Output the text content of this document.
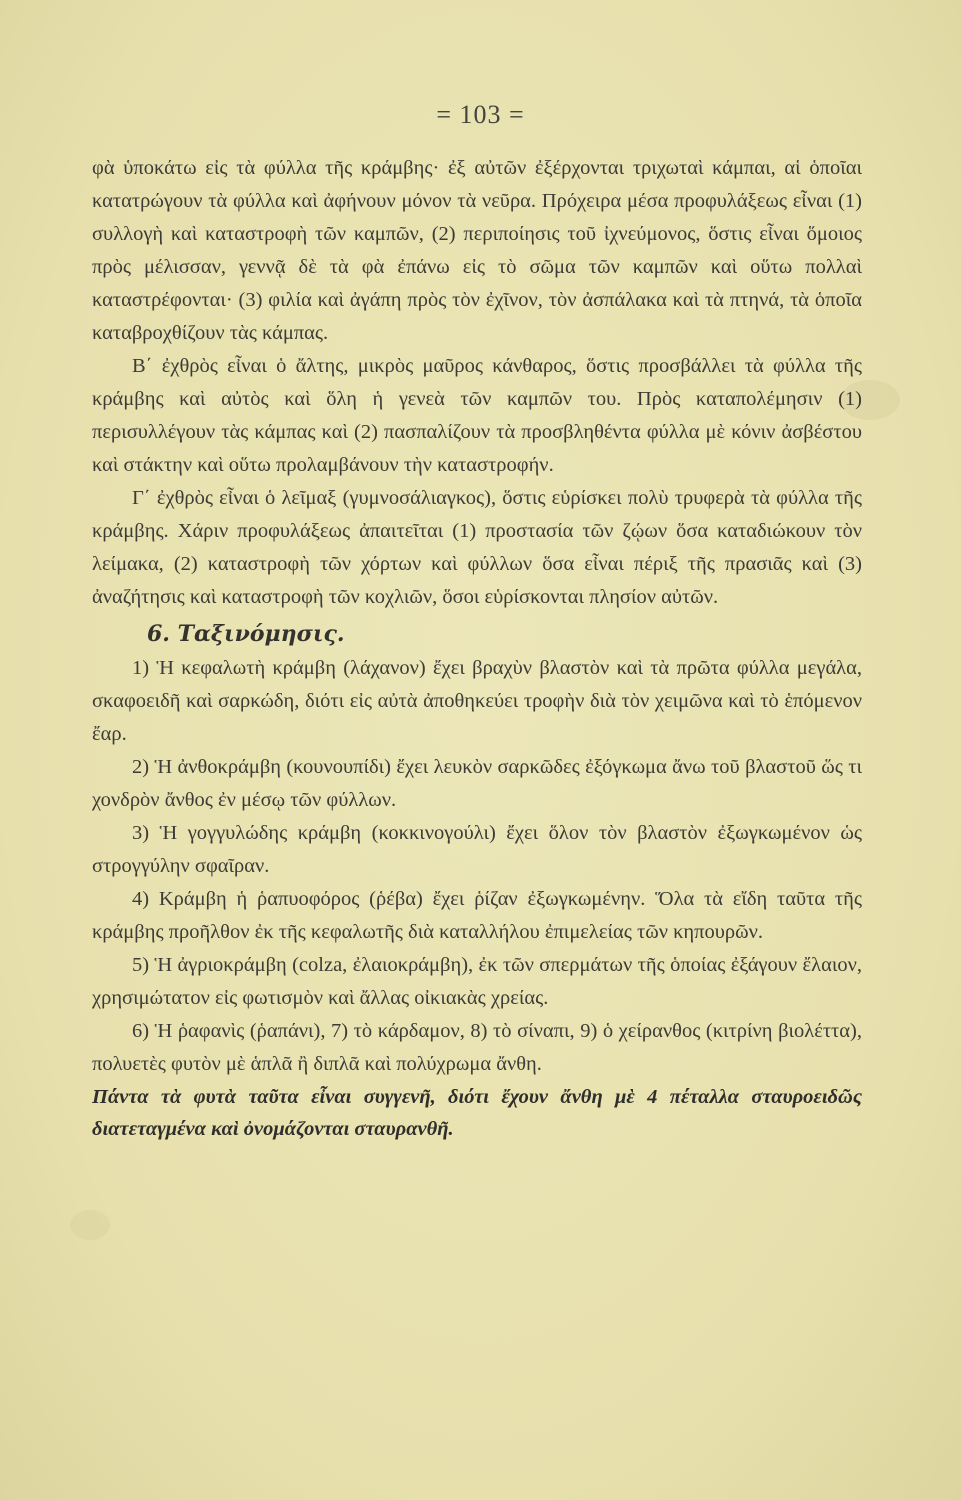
= 103 =

φὰ ὑποκάτω εἰς τὰ φύλλα τῆς κράμβης· ἐξ αὐτῶν ἐξέρχονται τριχωταὶ κάμπαι, αἱ ὁποῖαι κατατρώγουν τὰ φύλλα καὶ ἀφήνουν μόνον τὰ νεῦρα. Πρόχειρα μέσα προφυλάξεως εἶναι (1) συλλογὴ καὶ καταστροφὴ τῶν καμπῶν, (2) περιποίησις τοῦ ἰχνεύμονος, ὅστις εἶναι ὅμοιος πρὸς μέλισσαν, γεννᾷ δὲ τὰ φὰ ἐπάνω εἰς τὸ σῶμα τῶν καμπῶν καὶ οὕτω πολλαὶ καταστρέφονται· (3) φιλία καὶ ἀγάπη πρὸς τὸν ἐχῖνον, τὸν ἀσπάλακα καὶ τὰ πτηνά, τὰ ὁποῖα καταβροχθίζουν τὰς κάμπας.

Β΄ ἐχθρὸς εἶναι ὁ ἄλτης, μικρὸς μαῦρος κάνθαρος, ὅστις προσβάλλει τὰ φύλλα τῆς κράμβης καὶ αὐτὸς καὶ ὅλη ἡ γενεὰ τῶν καμπῶν του. Πρὸς καταπολέμησιν (1) περισυλλέγουν τὰς κάμπας καὶ (2) πασπαλίζουν τὰ προσβληθέντα φύλλα μὲ κόνιν ἀσβέστου καὶ στάκτην καὶ οὕτω προλαμβάνουν τὴν καταστροφήν.

Γ΄ ἐχθρὸς εἶναι ὁ λεῖμαξ (γυμνοσάλιαγκος), ὅστις εὑρίσκει πολὺ τρυφερὰ τὰ φύλλα τῆς κράμβης. Χάριν προφυλάξεως ἀπαιτεῖται (1) προστασία τῶν ζῴων ὅσα καταδιώκουν τὸν λείμακα, (2) καταστροφὴ τῶν χόρτων καὶ φύλλων ὅσα εἶναι πέριξ τῆς πρασιᾶς καὶ (3) ἀναζήτησις καὶ καταστροφὴ τῶν κοχλιῶν, ὅσοι εὑρίσκονται πλησίον αὐτῶν.

6. Ταξινόμησις.

1) Ἡ κεφαλωτὴ κράμβη (λάχανον) ἔχει βραχὺν βλαστὸν καὶ τὰ πρῶτα φύλλα μεγάλα, σκαφοειδῆ καὶ σαρκώδη, διότι εἰς αὐτὰ ἀποθηκεύει τροφὴν διὰ τὸν χειμῶνα καὶ τὸ ἑπόμενον ἔαρ.

2) Ἡ ἀνθοκράμβη (κουνουπίδι) ἔχει λευκὸν σαρκῶδες ἐξόγκωμα ἄνω τοῦ βλαστοῦ ὥς τι χονδρὸν ἄνθος ἐν μέσῳ τῶν φύλλων.

3) Ἡ γογγυλώδης κράμβη (κοκκινογούλι) ἔχει ὅλον τὸν βλαστὸν ἐξωγκωμένον ὡς στρογγύλην σφαῖραν.

4) Κράμβη ἡ ῥαπυοφόρος (ῥέβα) ἔχει ῥίζαν ἐξωγκωμένην. Ὅλα τὰ εἴδη ταῦτα τῆς κράμβης προῆλθον ἐκ τῆς κεφαλωτῆς διὰ καταλλήλου ἐπιμελείας τῶν κηπουρῶν.

5) Ἡ ἀγριοκράμβη (colza, ἐλαιοκράμβη), ἐκ τῶν σπερμάτων τῆς ὁποίας ἐξάγουν ἔλαιον, χρησιμώτατον εἰς φωτισμὸν καὶ ἄλλας οἰκιακὰς χρείας.

6) Ἡ ῥαφανὶς (ῥαπάνι), 7) τὸ κάρδαμον, 8) τὸ σίναπι, 9) ὁ χείρανθος (κιτρίνη βιολέττα), πολυετὲς φυτὸν μὲ ἁπλᾶ ἢ διπλᾶ καὶ πολύχρωμα ἄνθη.

Πάντα τὰ φυτὰ ταῦτα εἶναι συγγενῆ, διότι ἔχουν ἄνθη μὲ 4 πέταλλα σταυροειδῶς διατεταγμένα καὶ ὀνομάζονται σταυρανθῆ.
